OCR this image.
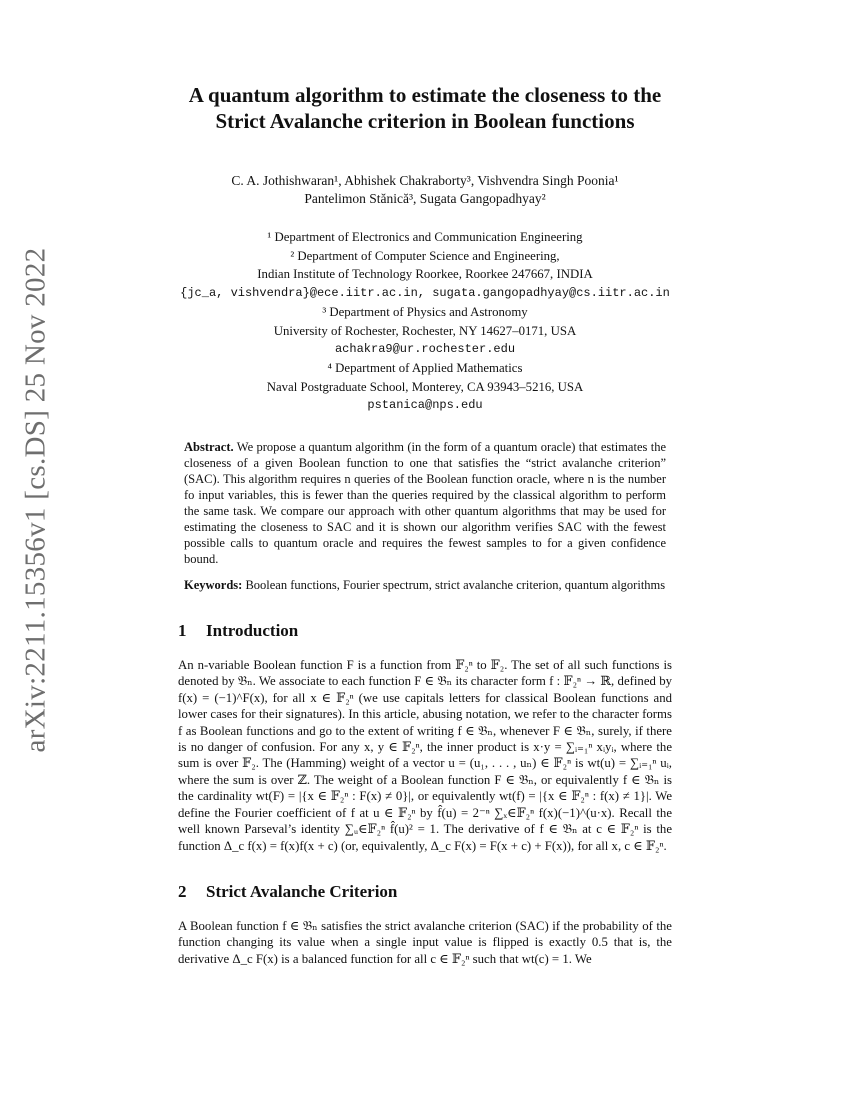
arXiv:2211.15356v1 [cs.DS] 25 Nov 2022
A quantum algorithm to estimate the closeness to the
Strict Avalanche criterion in Boolean functions
C. A. Jothishwaran¹, Abhishek Chakraborty³, Vishvendra Singh Poonia¹
Pantelimon Stănică³, Sugata Gangopadhyay²
¹ Department of Electronics and Communication Engineering
² Department of Computer Science and Engineering,
Indian Institute of Technology Roorkee, Roorkee 247667, INDIA
{jc_a, vishvendra}@ece.iitr.ac.in, sugata.gangopadhyay@cs.iitr.ac.in
³ Department of Physics and Astronomy
University of Rochester, Rochester, NY 14627–0171, USA
achakra9@ur.rochester.edu
⁴ Department of Applied Mathematics
Naval Postgraduate School, Monterey, CA 93943–5216, USA
pstanica@nps.edu

Abstract. We propose a quantum algorithm (in the form of a quantum oracle) that estimates the closeness of a given Boolean function to one that satisfies the “strict avalanche criterion” (SAC). This algorithm requires n queries of the Boolean function oracle, where n is the number fo input variables, this is fewer than the queries required by the classical algorithm to perform the same task. We compare our approach with other quantum algorithms that may be used for estimating the closeness to SAC and it is shown our algorithm verifies SAC with the fewest possible calls to quantum oracle and requires the fewest samples to for a given confidence bound.

Keywords: Boolean functions, Fourier spectrum, strict avalanche criterion, quantum algorithms

1 Introduction

An n-variable Boolean function F is a function from 𝔽₂ⁿ to 𝔽₂. The set of all such functions is denoted by 𝔅ₙ. We associate to each function F ∈ 𝔅ₙ its character form f : 𝔽₂ⁿ → ℝ, defined by f(x) = (−1)^F(x), for all x ∈ 𝔽₂ⁿ (we use capitals letters for classical Boolean functions and lower cases for their signatures). In this article, abusing notation, we refer to the character forms f as Boolean functions and go to the extent of writing f ∈ 𝔅ₙ, whenever F ∈ 𝔅ₙ, surely, if there is no danger of confusion. For any x, y ∈ 𝔽₂ⁿ, the inner product is x·y = ∑ᵢ₌₁ⁿ xᵢyᵢ, where the sum is over 𝔽₂. The (Hamming) weight of a vector u = (u₁, . . . , uₙ) ∈ 𝔽₂ⁿ is wt(u) = ∑ᵢ₌₁ⁿ uᵢ, where the sum is over ℤ. The weight of a Boolean function F ∈ 𝔅ₙ, or equivalently f ∈ 𝔅ₙ is the cardinality wt(F) = |{x ∈ 𝔽₂ⁿ : F(x) ≠ 0}|, or equivalently wt(f) = |{x ∈ 𝔽₂ⁿ : f(x) ≠ 1}|. We define the Fourier coefficient of f at u ∈ 𝔽₂ⁿ by f̂(u) = 2⁻ⁿ ∑ₓ∈𝔽₂ⁿ f(x)(−1)^(u·x). Recall the well known Parseval’s identity ∑ᵤ∈𝔽₂ⁿ f̂(u)² = 1. The derivative of f ∈ 𝔅ₙ at c ∈ 𝔽₂ⁿ is the function Δ_c f(x) = f(x)f(x + c) (or, equivalently, Δ_c F(x) = F(x + c) + F(x)), for all x, c ∈ 𝔽₂ⁿ.

2 Strict Avalanche Criterion

A Boolean function f ∈ 𝔅ₙ satisfies the strict avalanche criterion (SAC) if the probability of the function changing its value when a single input value is flipped is exactly 0.5 that is, the derivative Δ_c F(x) is a balanced function for all c ∈ 𝔽₂ⁿ such that wt(c) = 1. We
